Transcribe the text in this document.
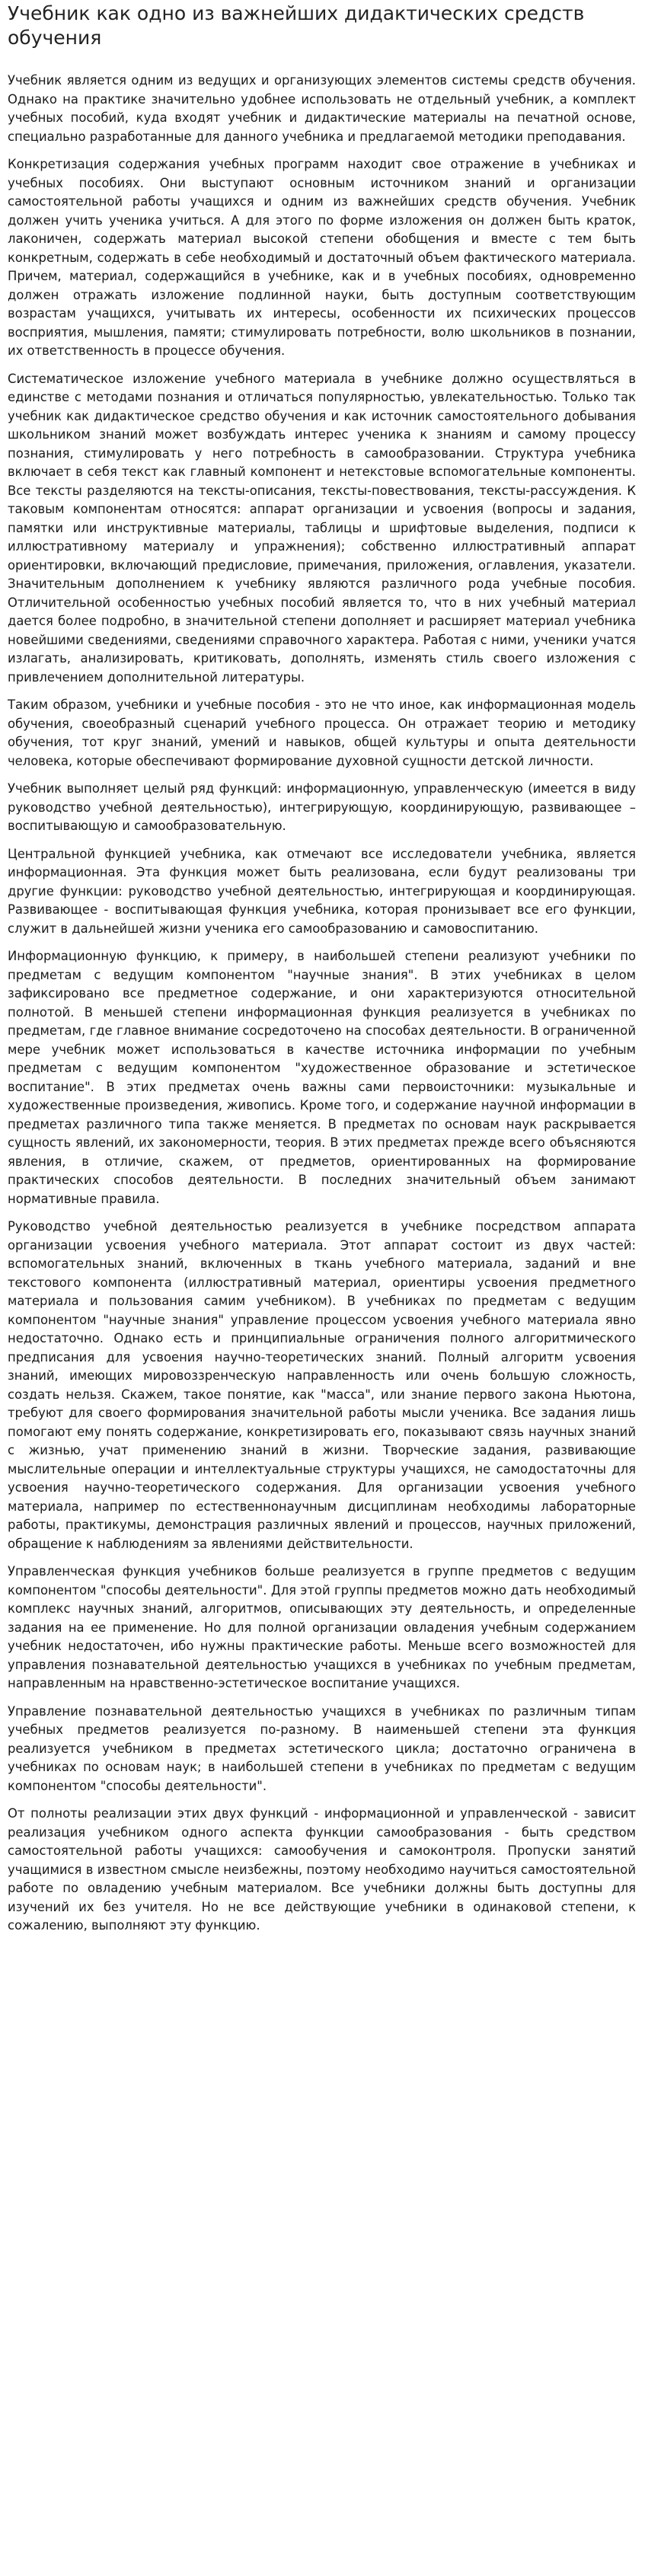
Учебник как одно из важнейших дидактических средств обучения

Учебник является одним из ведущих и организующих элементов системы средств обучения. Однако на практике значительно удобнее использовать не отдельный учебник, а комплект учебных пособий, куда входят учебник и дидактические материалы на печатной основе, специально разработанные для данного учебника и предлагаемой методики преподавания.

Конкретизация содержания учебных программ находит свое отражение в учебниках и учебных пособиях. Они выступают основным источником знаний и организации самостоятельной работы учащихся и одним из важнейших средств обучения. Учебник должен учить ученика учиться. А для этого по форме изложения он должен быть краток, лаконичен, содержать материал высокой степени обобщения и вместе с тем быть конкретным, содержать в себе необходимый и достаточный объем фактического материала. Причем, материал, содержащийся в учебнике, как и в учебных пособиях, одновременно должен отражать изложение подлинной науки, быть доступным соответствующим возрастам учащихся, учитывать их интересы, особенности их психических процессов восприятия, мышления, памяти; стимулировать потребности, волю школьников в познании, их ответственность в процессе обучения.

Систематическое изложение учебного материала в учебнике должно осуществляться в единстве с методами познания и отличаться популярностью, увлекательностью. Только так учебник как дидактическое средство обучения и как источник самостоятельного добывания школьником знаний может возбуждать интерес ученика к знаниям и самому процессу познания, стимулировать у него потребность в самообразовании. Структура учебника включает в себя текст как главный компонент и нетекстовые вспомогательные компоненты. Все тексты разделяются на тексты-описания, тексты-повествования, тексты-рассуждения. К таковым компонентам относятся: аппарат организации и усвоения (вопросы и задания, памятки или инструктивные материалы, таблицы и шрифтовые выделения, подписи к иллюстративному материалу и упражнения); собственно иллюстративный аппарат ориентировки, включающий предисловие, примечания, приложения, оглавления, указатели. Значительным дополнением к учебнику являются различного рода учебные пособия. Отличительной особенностью учебных пособий является то, что в них учебный материал дается более подробно, в значительной степени дополняет и расширяет материал учебника новейшими сведениями, сведениями справочного характера. Работая с ними, ученики учатся излагать, анализировать, критиковать, дополнять, изменять стиль своего изложения с привлечением дополнительной литературы.

Таким образом, учебники и учебные пособия - это не что иное, как информационная модель обучения, своеобразный сценарий учебного процесса. Он отражает теорию и методику обучения, тот круг знаний, умений и навыков, общей культуры и опыта деятельности человека, которые обеспечивают формирование духовной сущности детской личности.

Учебник выполняет целый ряд функций: информационную, управленческую (имеется в виду руководство учебной деятельностью), интегрирующую, координирующую, развивающее – воспитывающую и самообразовательную.

Центральной функцией учебника, как отмечают все исследователи учебника, является информационная. Эта функция может быть реализована, если будут реализованы три другие функции: руководство учебной деятельностью, интегрирующая и координирующая. Развивающее - воспитывающая функция учебника, которая пронизывает все его функции, служит в дальнейшей жизни ученика его самообразованию и самовоспитанию.

Информационную функцию, к примеру, в наибольшей степени реализуют учебники по предметам с ведущим компонентом "научные знания". В этих учебниках в целом зафиксировано все предметное содержание, и они характеризуются относительной полнотой. В меньшей степени информационная функция реализуется в учебниках по предметам, где главное внимание сосредоточено на способах деятельности. В ограниченной мере учебник может использоваться в качестве источника информации по учебным предметам с ведущим компонентом "художественное образование и эстетическое воспитание". В этих предметах очень важны сами первоисточники: музыкальные и художественные произведения, живопись. Кроме того, и содержание научной информации в предметах различного типа также меняется. В предметах по основам наук раскрывается сущность явлений, их закономерности, теория. В этих предметах прежде всего объясняются явления, в отличие, скажем, от предметов, ориентированных на формирование практических способов деятельности. В последних значительный объем занимают нормативные правила.

Руководство учебной деятельностью реализуется в учебнике посредством аппарата организации усвоения учебного материала. Этот аппарат состоит из двух частей: вспомогательных знаний, включенных в ткань учебного материала, заданий и вне текстового компонента (иллюстративный материал, ориентиры усвоения предметного материала и пользования самим учебником). В учебниках по предметам с ведущим компонентом "научные знания" управление процессом усвоения учебного материала явно недостаточно. Однако есть и принципиальные ограничения полного алгоритмического предписания для усвоения научно-теоретических знаний. Полный алгоритм усвоения знаний, имеющих мировоззренческую направленность или очень большую сложность, создать нельзя. Скажем, такое понятие, как "масса", или знание первого закона Ньютона, требуют для своего формирования значительной работы мысли ученика. Все задания лишь помогают ему понять содержание, конкретизировать его, показывают связь научных знаний с жизнью, учат применению знаний в жизни. Творческие задания, развивающие мыслительные операции и интеллектуальные структуры учащихся, не самодостаточны для усвоения научно-теоретического содержания. Для организации усвоения учебного материала, например по естественнонаучным дисциплинам необходимы лабораторные работы, практикумы, демонстрация различных явлений и процессов, научных приложений, обращение к наблюдениям за явлениями действительности.

Управленческая функция учебников больше реализуется в группе предметов с ведущим компонентом "способы деятельности". Для этой группы предметов можно дать необходимый комплекс научных знаний, алгоритмов, описывающих эту деятельность, и определенные задания на ее применение. Но для полной организации овладения учебным содержанием учебник недостаточен, ибо нужны практические работы. Меньше всего возможностей для управления познавательной деятельностью учащихся в учебниках по учебным предметам, направленным на нравственно-эстетическое воспитание учащихся.

Управление познавательной деятельностью учащихся в учебниках по различным типам учебных предметов реализуется по-разному. В наименьшей степени эта функция реализуется учебником в предметах эстетического цикла; достаточно ограничена в учебниках по основам наук; в наибольшей степени в учебниках по предметам с ведущим компонентом "способы деятельности".

От полноты реализации этих двух функций - информационной и управленческой - зависит реализация учебником одного аспекта функции самообразования - быть средством самостоятельной работы учащихся: самообучения и самоконтроля. Пропуски занятий учащимися в известном смысле неизбежны, поэтому необходимо научиться самостоятельной работе по овладению учебным материалом. Все учебники должны быть доступны для изучений их без учителя. Но не все действующие учебники в одинаковой степени, к сожалению, выполняют эту функцию.
